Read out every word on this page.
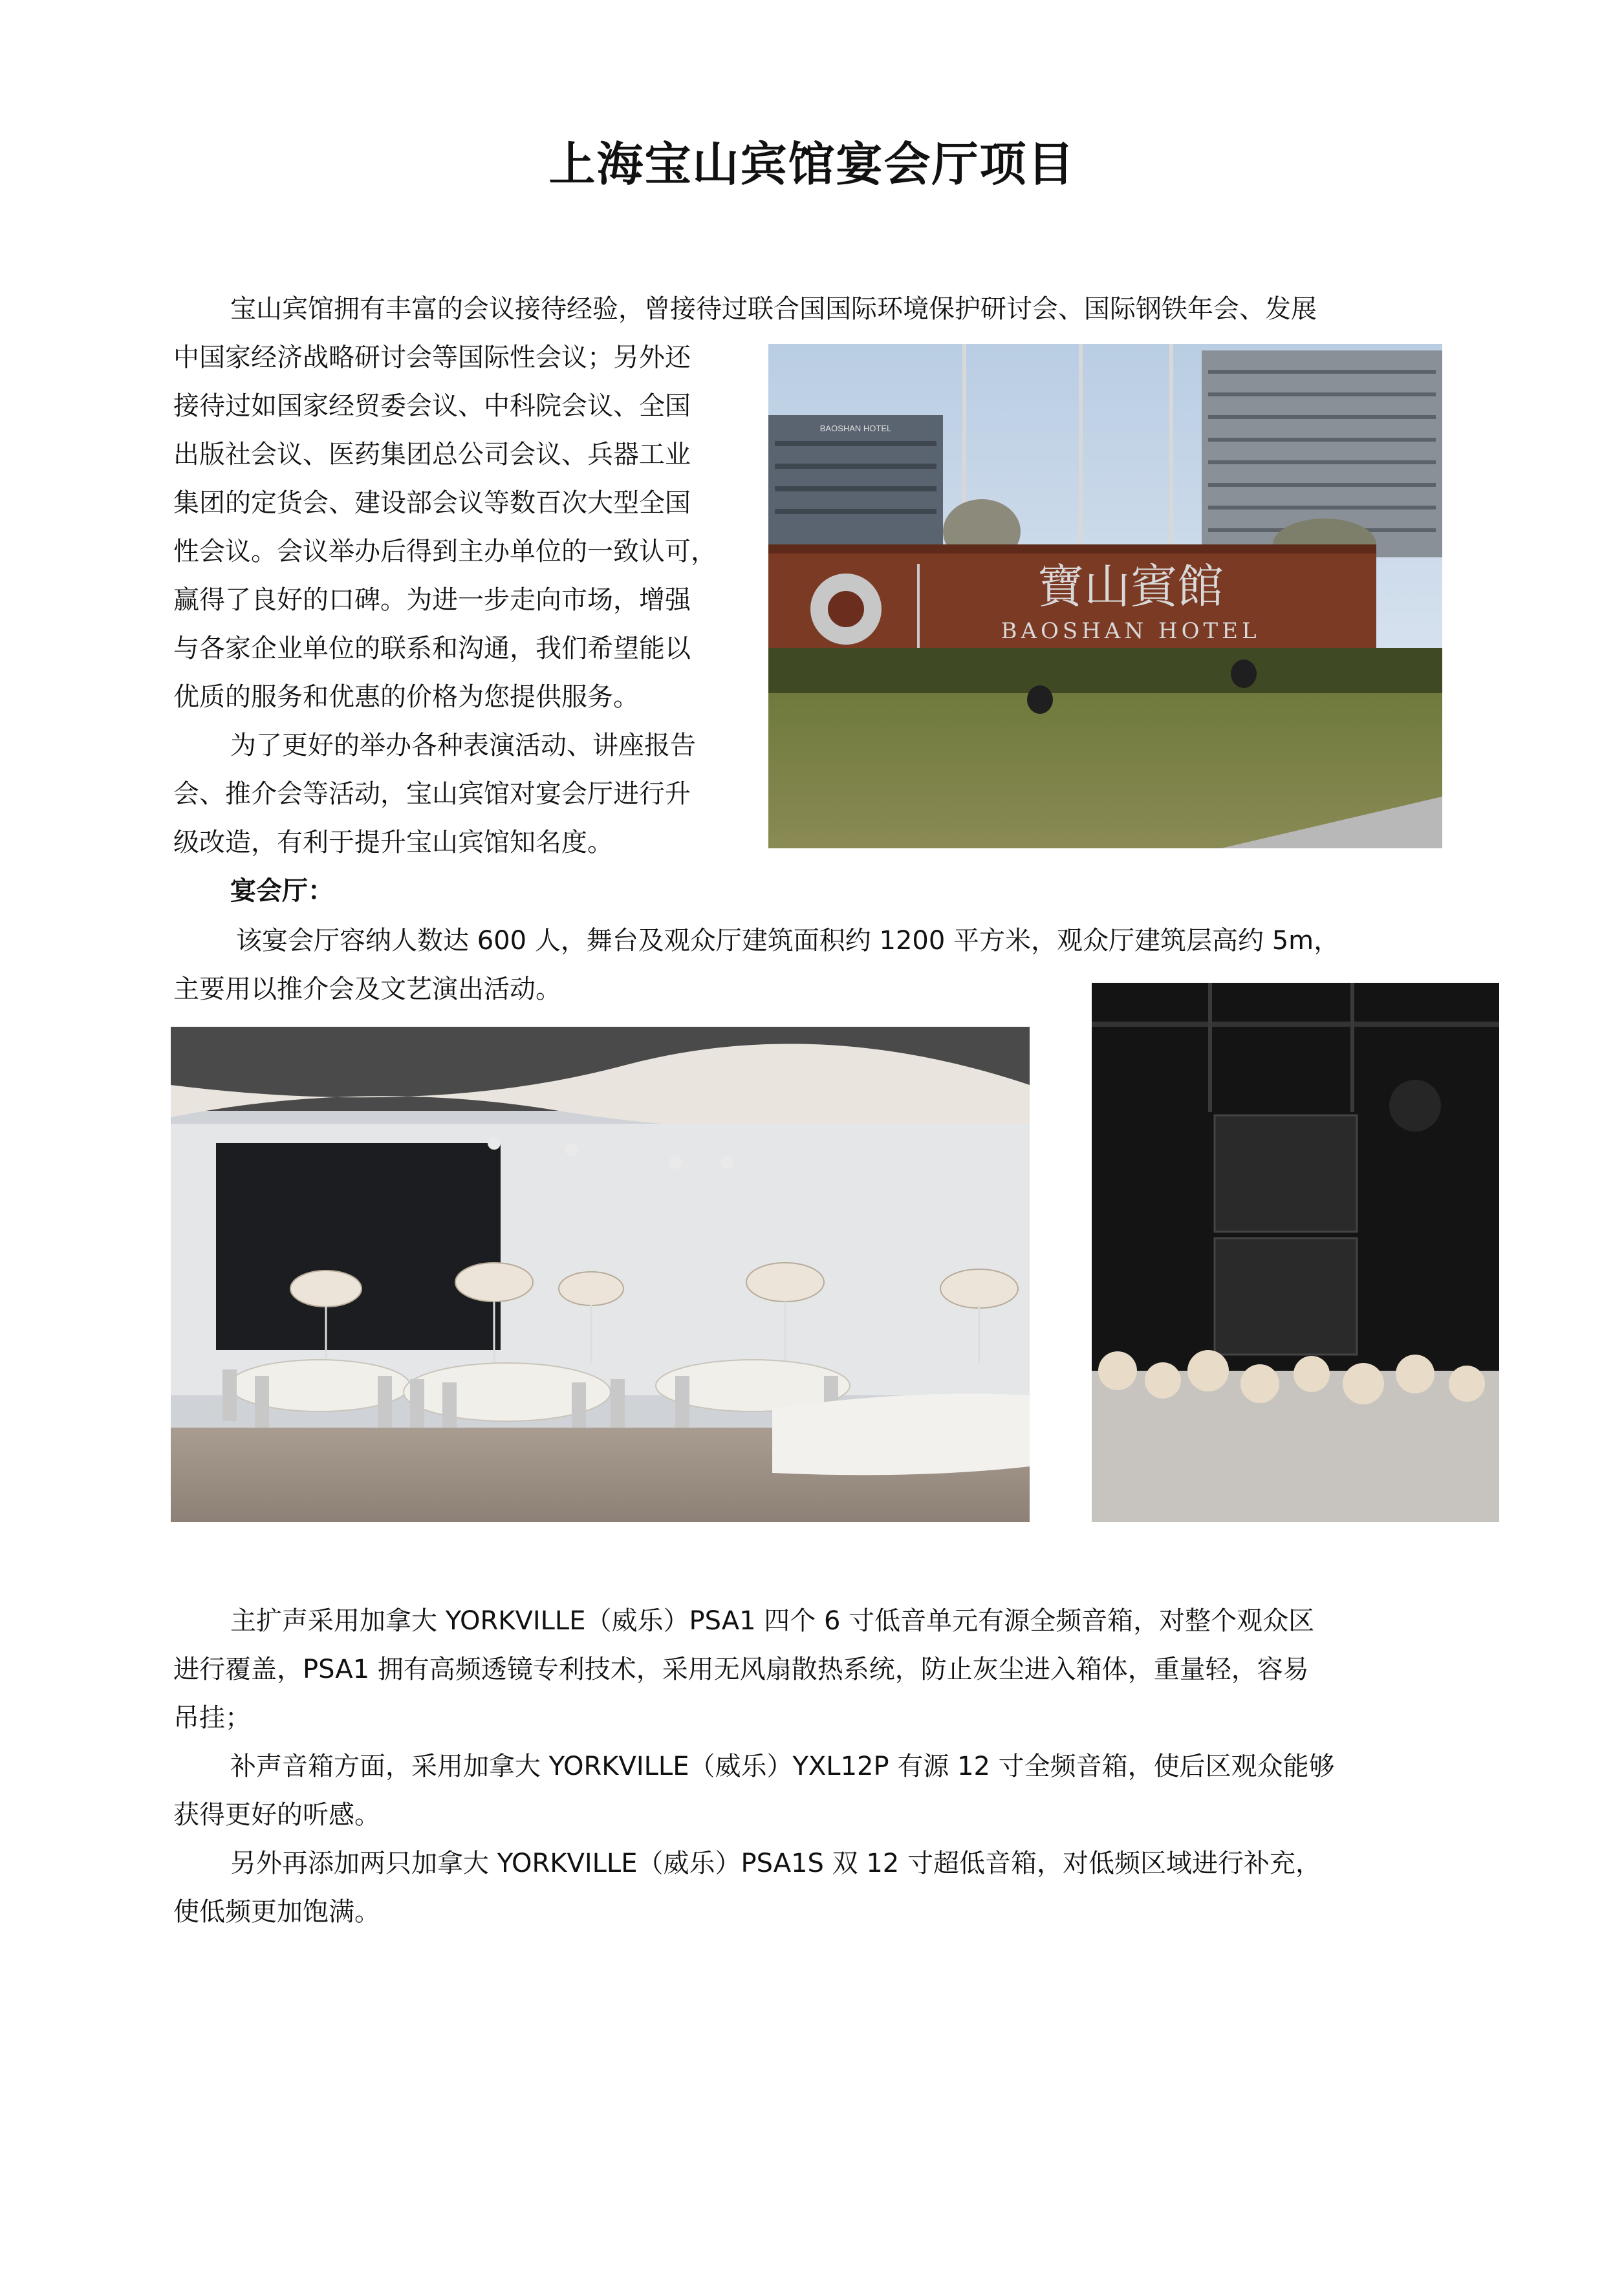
上海宝山宾馆宴会厅项目
宝山宾馆拥有丰富的会议接待经验，曾接待过联合国国际环境保护研讨会、国际钢铁年会、发展
中国家经济战略研讨会等国际性会议；另外还
接待过如国家经贸委会议、中科院会议、全国
出版社会议、医药集团总公司会议、兵器工业
集团的定货会、建设部会议等数百次大型全国
性会议。会议举办后得到主办单位的一致认可，
赢得了良好的口碑。为进一步走向市场，增强
与各家企业单位的联系和沟通，我们希望能以
优质的服务和优惠的价格为您提供服务。
为了更好的举办各种表演活动、讲座报告
会、推介会等活动，宝山宾馆对宴会厅进行升
级改造，有利于提升宝山宾馆知名度。
BAOSHAN HOTEL
寶山賓館
BAOSHAN HOTEL
宴会厅：
该宴会厅容纳人数达 600 人，舞台及观众厅建筑面积约 1200 平方米，观众厅建筑层高约 5m，
主要用以推介会及文艺演出活动。
主扩声采用加拿大 YORKVILLE（威乐）PSA1 四个 6 寸低音单元有源全频音箱，对整个观众区
进行覆盖，PSA1 拥有高频透镜专利技术，采用无风扇散热系统，防止灰尘进入箱体，重量轻，容易
吊挂；
补声音箱方面，采用加拿大 YORKVILLE（威乐）YXL12P 有源 12 寸全频音箱，使后区观众能够
获得更好的听感。
另外再添加两只加拿大 YORKVILLE（威乐）PSA1S 双 12 寸超低音箱，对低频区域进行补充，
使低频更加饱满。
